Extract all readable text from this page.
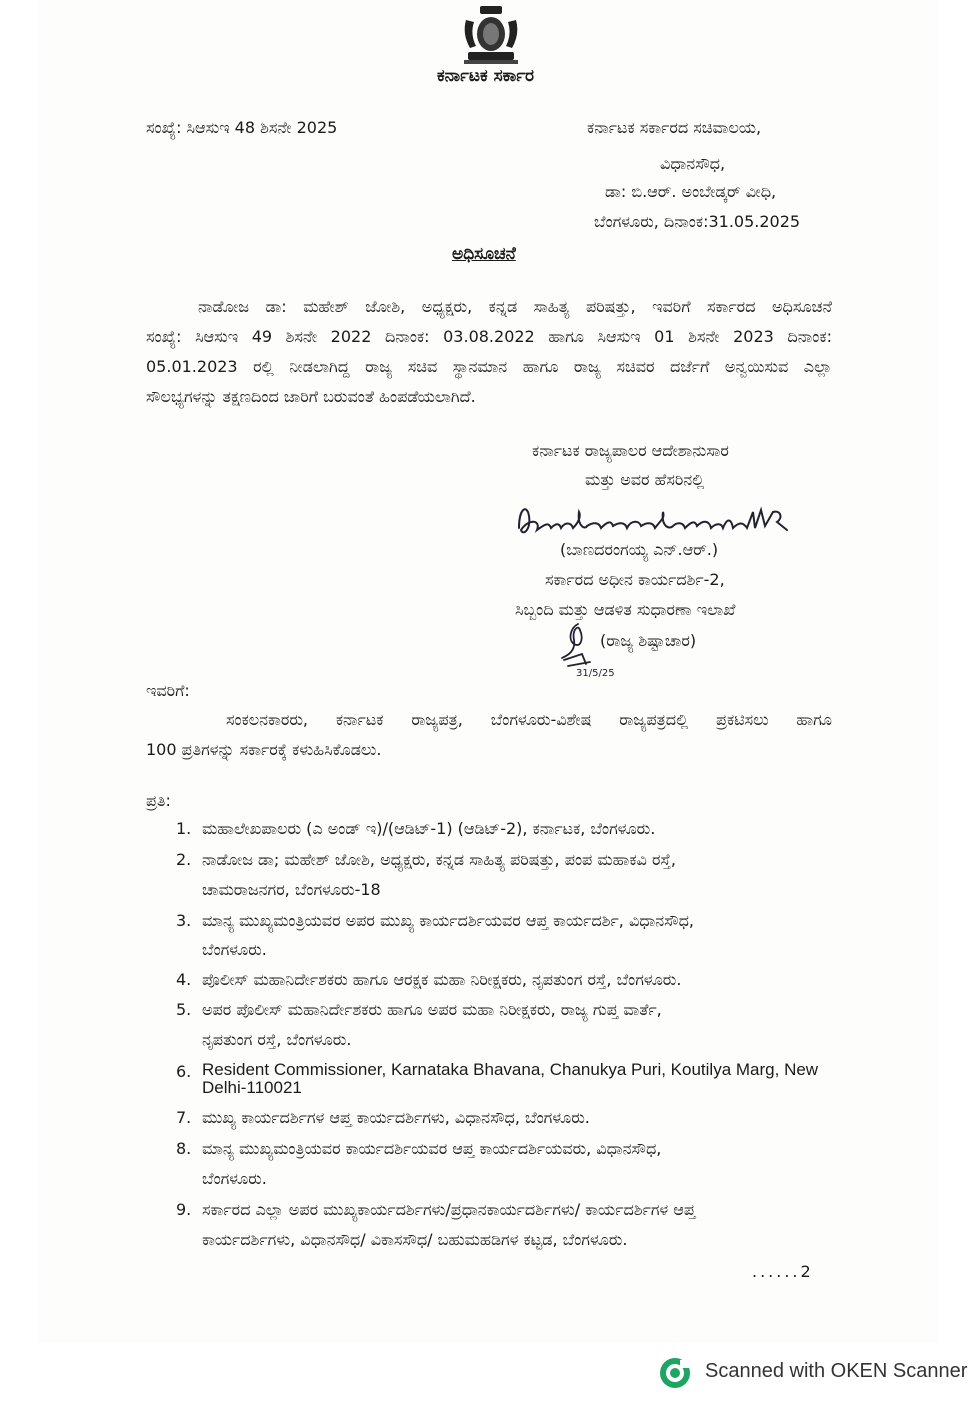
ಕರ್ನಾಟಕ ಸರ್ಕಾರ
ಸಂಖ್ಯೆ: ಸಿಆಸುಇ 48 ಶಿಸನೇ 2025	ಕರ್ನಾಟಕ ಸರ್ಕಾರದ ಸಚಿವಾಲಯ,
ವಿಧಾನಸೌಧ,
ಡಾ: ಬಿ.ಆರ್. ಅಂಬೇಡ್ಕರ್ ವೀಧಿ,
ಬೆಂಗಳೂರು, ದಿನಾಂಕ:31.05.2025
ಅಧಿಸೂಚನೆ
ನಾಡೋಜ ಡಾ: ಮಹೇಶ್ ಜೋಶಿ, ಅಧ್ಯಕ್ಷರು, ಕನ್ನಡ ಸಾಹಿತ್ಯ ಪರಿಷತ್ತು, ಇವರಿಗೆ ಸರ್ಕಾರದ ಅಧಿಸೂಚನೆ
ಸಂಖ್ಯೆ: ಸಿಆಸುಇ 49 ಶಿಸನೇ 2022 ದಿನಾಂಕ: 03.08.2022 ಹಾಗೂ ಸಿಆಸುಇ 01 ಶಿಸನೇ 2023 ದಿನಾಂಕ:
05.01.2023 ರಲ್ಲಿ ನೀಡಲಾಗಿದ್ದ ರಾಜ್ಯ ಸಚಿವ ಸ್ಥಾನಮಾನ ಹಾಗೂ ರಾಜ್ಯ ಸಚಿವರ ದರ್ಜೆಗೆ ಅನ್ವಯಿಸುವ ಎಲ್ಲಾ
ಸೌಲಭ್ಯಗಳನ್ನು ತಕ್ಷಣದಿಂದ ಜಾರಿಗೆ ಬರುವಂತೆ ಹಿಂಪಡೆಯಲಾಗಿದೆ.
ಕರ್ನಾಟಕ ರಾಜ್ಯಪಾಲರ ಆದೇಶಾನುಸಾರ
ಮತ್ತು ಅವರ ಹೆಸರಿನಲ್ಲಿ
(ಬಾಣದರಂಗಯ್ಯ ಎನ್.ಆರ್.)
ಸರ್ಕಾರದ ಅಧೀನ ಕಾರ್ಯದರ್ಶಿ-2,
ಸಿಬ್ಬಂದಿ ಮತ್ತು ಆಡಳಿತ ಸುಧಾರಣಾ ಇಲಾಖೆ
31/5/25
(ರಾಜ್ಯ ಶಿಷ್ಟಾಚಾರ)
ಇವರಿಗೆ:
ಸಂಕಲನಕಾರರು, ಕರ್ನಾಟಕ ರಾಜ್ಯಪತ್ರ, ಬೆಂಗಳೂರು-ವಿಶೇಷ ರಾಜ್ಯಪತ್ರದಲ್ಲಿ ಪ್ರಕಟಿಸಲು ಹಾಗೂ
100 ಪ್ರತಿಗಳನ್ನು ಸರ್ಕಾರಕ್ಕೆ ಕಳುಹಿಸಿಕೊಡಲು.
ಪ್ರತಿ:
1. ಮಹಾಲೇಖಪಾಲರು (ಎ ಅಂಡ್ ಇ)/(ಆಡಿಟ್-1) (ಆಡಿಟ್-2), ಕರ್ನಾಟಕ, ಬೆಂಗಳೂರು.
2. ನಾಡೋಜ ಡಾ; ಮಹೇಶ್ ಜೋಶಿ, ಅಧ್ಯಕ್ಷರು, ಕನ್ನಡ ಸಾಹಿತ್ಯ ಪರಿಷತ್ತು, ಪಂಪ ಮಹಾಕವಿ ರಸ್ತೆ,
ಚಾಮರಾಜನಗರ, ಬೆಂಗಳೂರು-18
3. ಮಾನ್ಯ ಮುಖ್ಯಮಂತ್ರಿಯವರ ಅಪರ ಮುಖ್ಯ ಕಾರ್ಯದರ್ಶಿಯವರ ಆಪ್ತ ಕಾರ್ಯದರ್ಶಿ, ವಿಧಾನಸೌಧ,
ಬೆಂಗಳೂರು.
4. ಪೊಲೀಸ್ ಮಹಾನಿರ್ದೇಶಕರು ಹಾಗೂ ಆರಕ್ಷಕ ಮಹಾ ನಿರೀಕ್ಷಕರು, ನೃಪತುಂಗ ರಸ್ತೆ, ಬೆಂಗಳೂರು.
5. ಅಪರ ಪೊಲೀಸ್ ಮಹಾನಿರ್ದೇಶಕರು ಹಾಗೂ ಅಪರ ಮಹಾ ನಿರೀಕ್ಷಕರು, ರಾಜ್ಯ ಗುಪ್ತ ವಾರ್ತೆ,
ನೃಪತುಂಗ ರಸ್ತೆ, ಬೆಂಗಳೂರು.
6. Resident Commissioner, Karnataka Bhavana, Chanukya Puri, Koutilya Marg, New
Delhi-110021
7. ಮುಖ್ಯ ಕಾರ್ಯದರ್ಶಿಗಳ ಆಪ್ತ ಕಾರ್ಯದರ್ಶಿಗಳು, ವಿಧಾನಸೌಧ, ಬೆಂಗಳೂರು.
8. ಮಾನ್ಯ ಮುಖ್ಯಮಂತ್ರಿಯವರ ಕಾರ್ಯದರ್ಶಿಯವರ ಆಪ್ತ ಕಾರ್ಯದರ್ಶಿಯವರು, ವಿಧಾನಸೌಧ,
ಬೆಂಗಳೂರು.
9. ಸರ್ಕಾರದ ಎಲ್ಲಾ ಅಪರ ಮುಖ್ಯಕಾರ್ಯದರ್ಶಿಗಳು/ಪ್ರಧಾನಕಾರ್ಯದರ್ಶಿಗಳು/ ಕಾರ್ಯದರ್ಶಿಗಳ ಆಪ್ತ
ಕಾರ್ಯದರ್ಶಿಗಳು, ವಿಧಾನಸೌಧ/ ವಿಕಾಸಸೌಧ/ ಬಹುಮಹಡಿಗಳ ಕಟ್ಟಡ, ಬೆಂಗಳೂರು.
......2
Scanned with OKEN Scanner
